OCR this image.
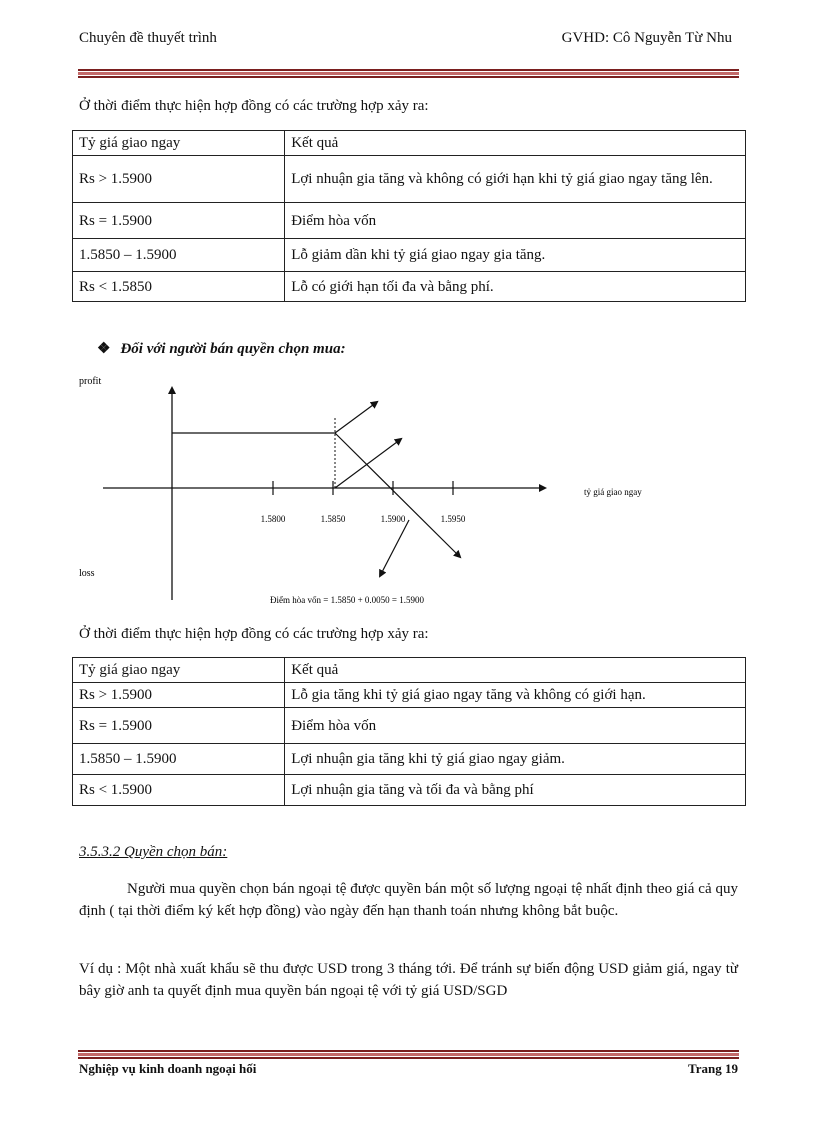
Chuyên đề thuyết trình	GVHD: Cô Nguyễn Từ Nhu

Ở thời điểm thực hiện hợp đồng có các trường hợp xảy ra:

Tỷ giá giao ngay	Kết quả
Rs > 1.5900	Lợi nhuận gia tăng và không có giới hạn khi tỷ giá giao ngay tăng lên.
Rs = 1.5900	Điểm hòa vốn
1.5850 – 1.5900	Lỗ giảm dần khi tỷ giá giao ngay gia tăng.
Rs < 1.5850	Lỗ có giới hạn tối đa và bằng phí.
❖ Đối với người bán quyền chọn mua:
profit
loss
tỷ giá giao ngay
1.5800	1.5850	1.5900	1.5950
Điểm hòa vốn = 1.5850 + 0.0050 = 1.5900

Ở thời điểm thực hiện hợp đồng có các trường hợp xảy ra:

Tỷ giá giao ngay	Kết quả
Rs > 1.5900	Lỗ gia tăng khi tỷ giá giao ngay tăng và không có giới hạn.
Rs = 1.5900	Điểm hòa vốn
1.5850 – 1.5900	Lợi nhuận gia tăng khi tỷ giá giao ngay giảm.
Rs < 1.5900	Lợi nhuận gia tăng và tối đa và bằng phí
3.5.3.2 Quyền chọn bán:

Người mua quyền chọn bán ngoại tệ được quyền bán một số lượng ngoại tệ nhất định theo giá cả quy định ( tại thời điểm ký kết hợp đồng) vào ngày đến hạn thanh toán nhưng không bắt buộc.

Ví dụ : Một nhà xuất khẩu sẽ thu được USD trong 3 tháng tới. Để tránh sự biến động USD giảm giá, ngay từ bây giờ anh ta quyết định mua quyền bán ngoại tệ với tỷ giá USD/SGD

Nghiệp vụ kinh doanh ngoại hối	Trang 19
